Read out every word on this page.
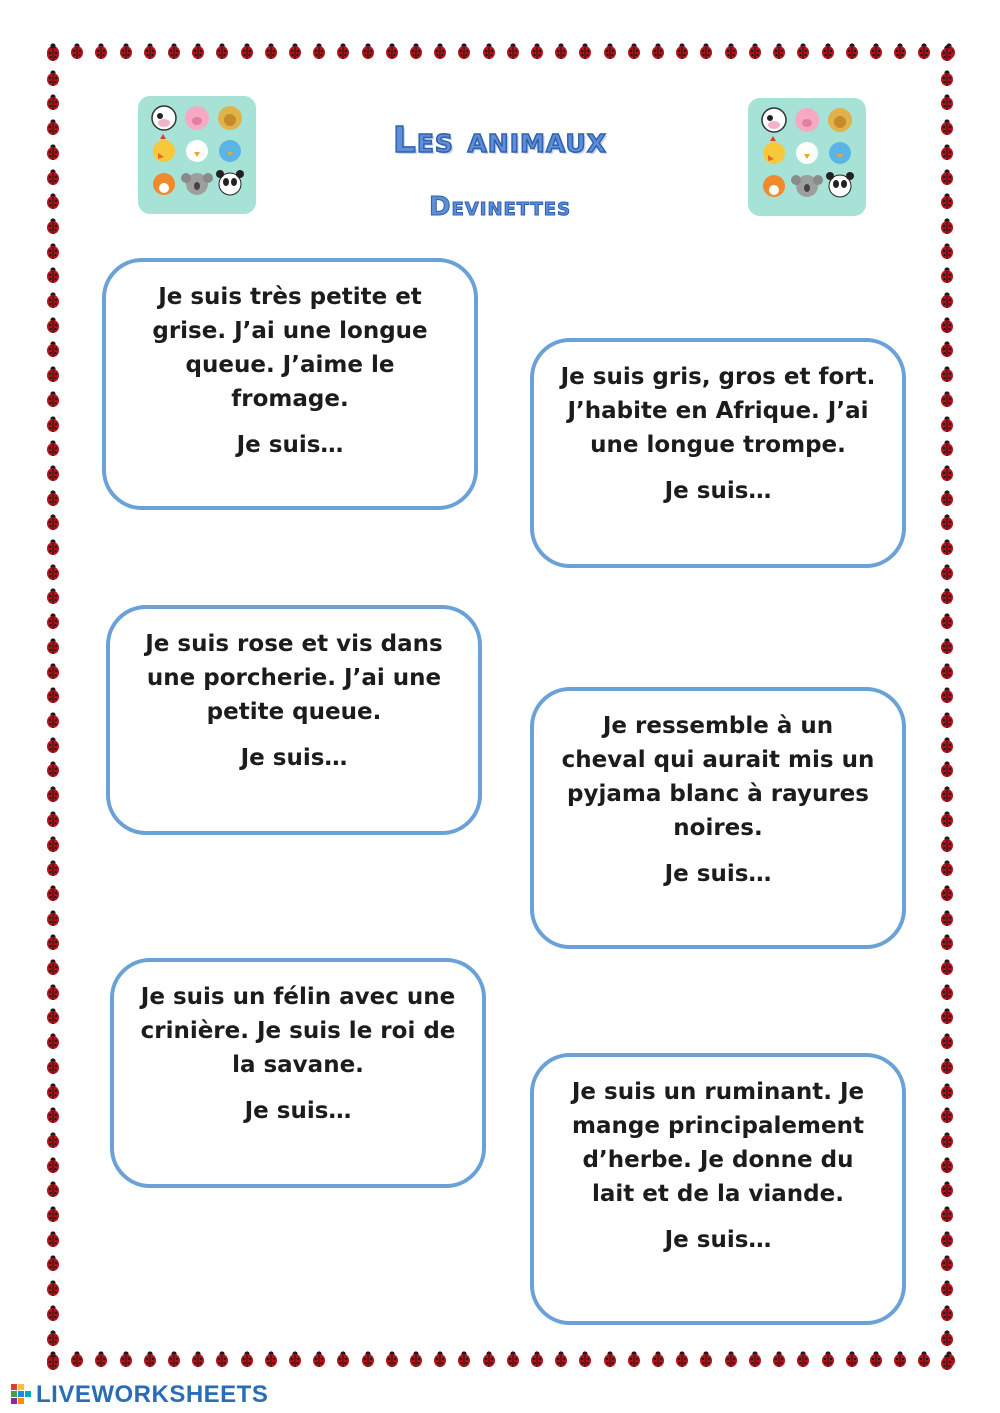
Les animaux
Devinettes
Je suis très petite et grise. J’ai une longue queue. J’aime le fromage.
Je suis…
Je suis gris, gros et fort. J’habite en Afrique. J’ai une longue trompe.
Je suis…
Je suis rose et vis dans une porcherie. J’ai une petite queue.
Je suis…
Je ressemble à un cheval qui aurait mis un pyjama blanc à rayures noires.
Je suis…
Je suis un félin avec une crinière. Je suis le roi de la savane.
Je suis…
Je suis un ruminant. Je mange principalement d’herbe. Je donne du lait et de la viande.
Je suis…
LIVEWORKSHEETS
